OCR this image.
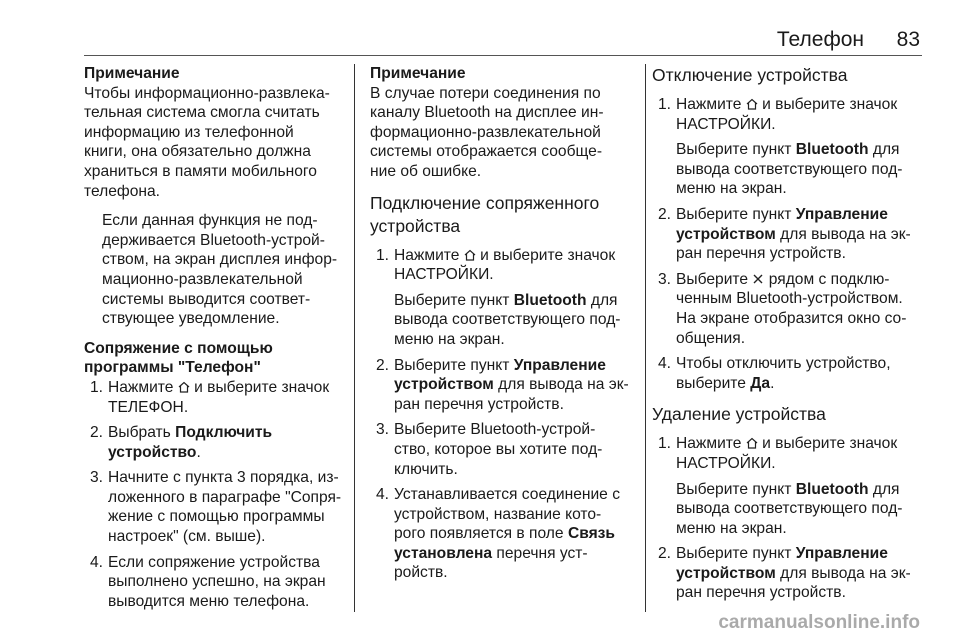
Телефон 83
Примечание
Чтобы информационно-развлека-
тельная система смогла считать
информацию из телефонной
книги, она обязательно должна
храниться в памяти мобильного
телефона.
Если данная функция не под-
держивается Bluetooth-устрой-
ством, на экран дисплея инфор-
мационно-развлекательной
системы выводится соответ-
ствующее уведомление.
Сопряжение с помощью
программы "Телефон"
1. Нажмите и выберите значок
ТЕЛЕФОН.
2. Выбрать Подключить
устройство.
3. Начните с пункта 3 порядка, из-
ложенного в параграфе "Сопря-
жение с помощью программы
настроек" (см. выше).
4. Если сопряжение устройства
выполнено успешно, на экран
выводится меню телефона.
Примечание
В случае потери соединения по
каналу Bluetooth на дисплее ин-
формационно-развлекательной
системы отображается сообще-
ние об ошибке.
Подключение сопряженного
устройства
1. Нажмите и выберите значок
НАСТРОЙКИ.
Выберите пункт Bluetooth для
вывода соответствующего под-
меню на экран.
2. Выберите пункт Управление
устройством для вывода на эк-
ран перечня устройств.
3. Выберите Bluetooth-устрой-
ство, которое вы хотите под-
ключить.
4. Устанавливается соединение с
устройством, название кото-
рого появляется в поле Связь
установлена перечня уст-
ройств.
Отключение устройства
1. Нажмите и выберите значок
НАСТРОЙКИ.
Выберите пункт Bluetooth для
вывода соответствующего под-
меню на экран.
2. Выберите пункт Управление
устройством для вывода на эк-
ран перечня устройств.
3. Выберите рядом с подклю-
ченным Bluetooth-устройством.
На экране отобразится окно со-
общения.
4. Чтобы отключить устройство,
выберите Да.
Удаление устройства
1. Нажмите и выберите значок
НАСТРОЙКИ.
Выберите пункт Bluetooth для
вывода соответствующего под-
меню на экран.
2. Выберите пункт Управление
устройством для вывода на эк-
ран перечня устройств.
carmanualsonline.info
